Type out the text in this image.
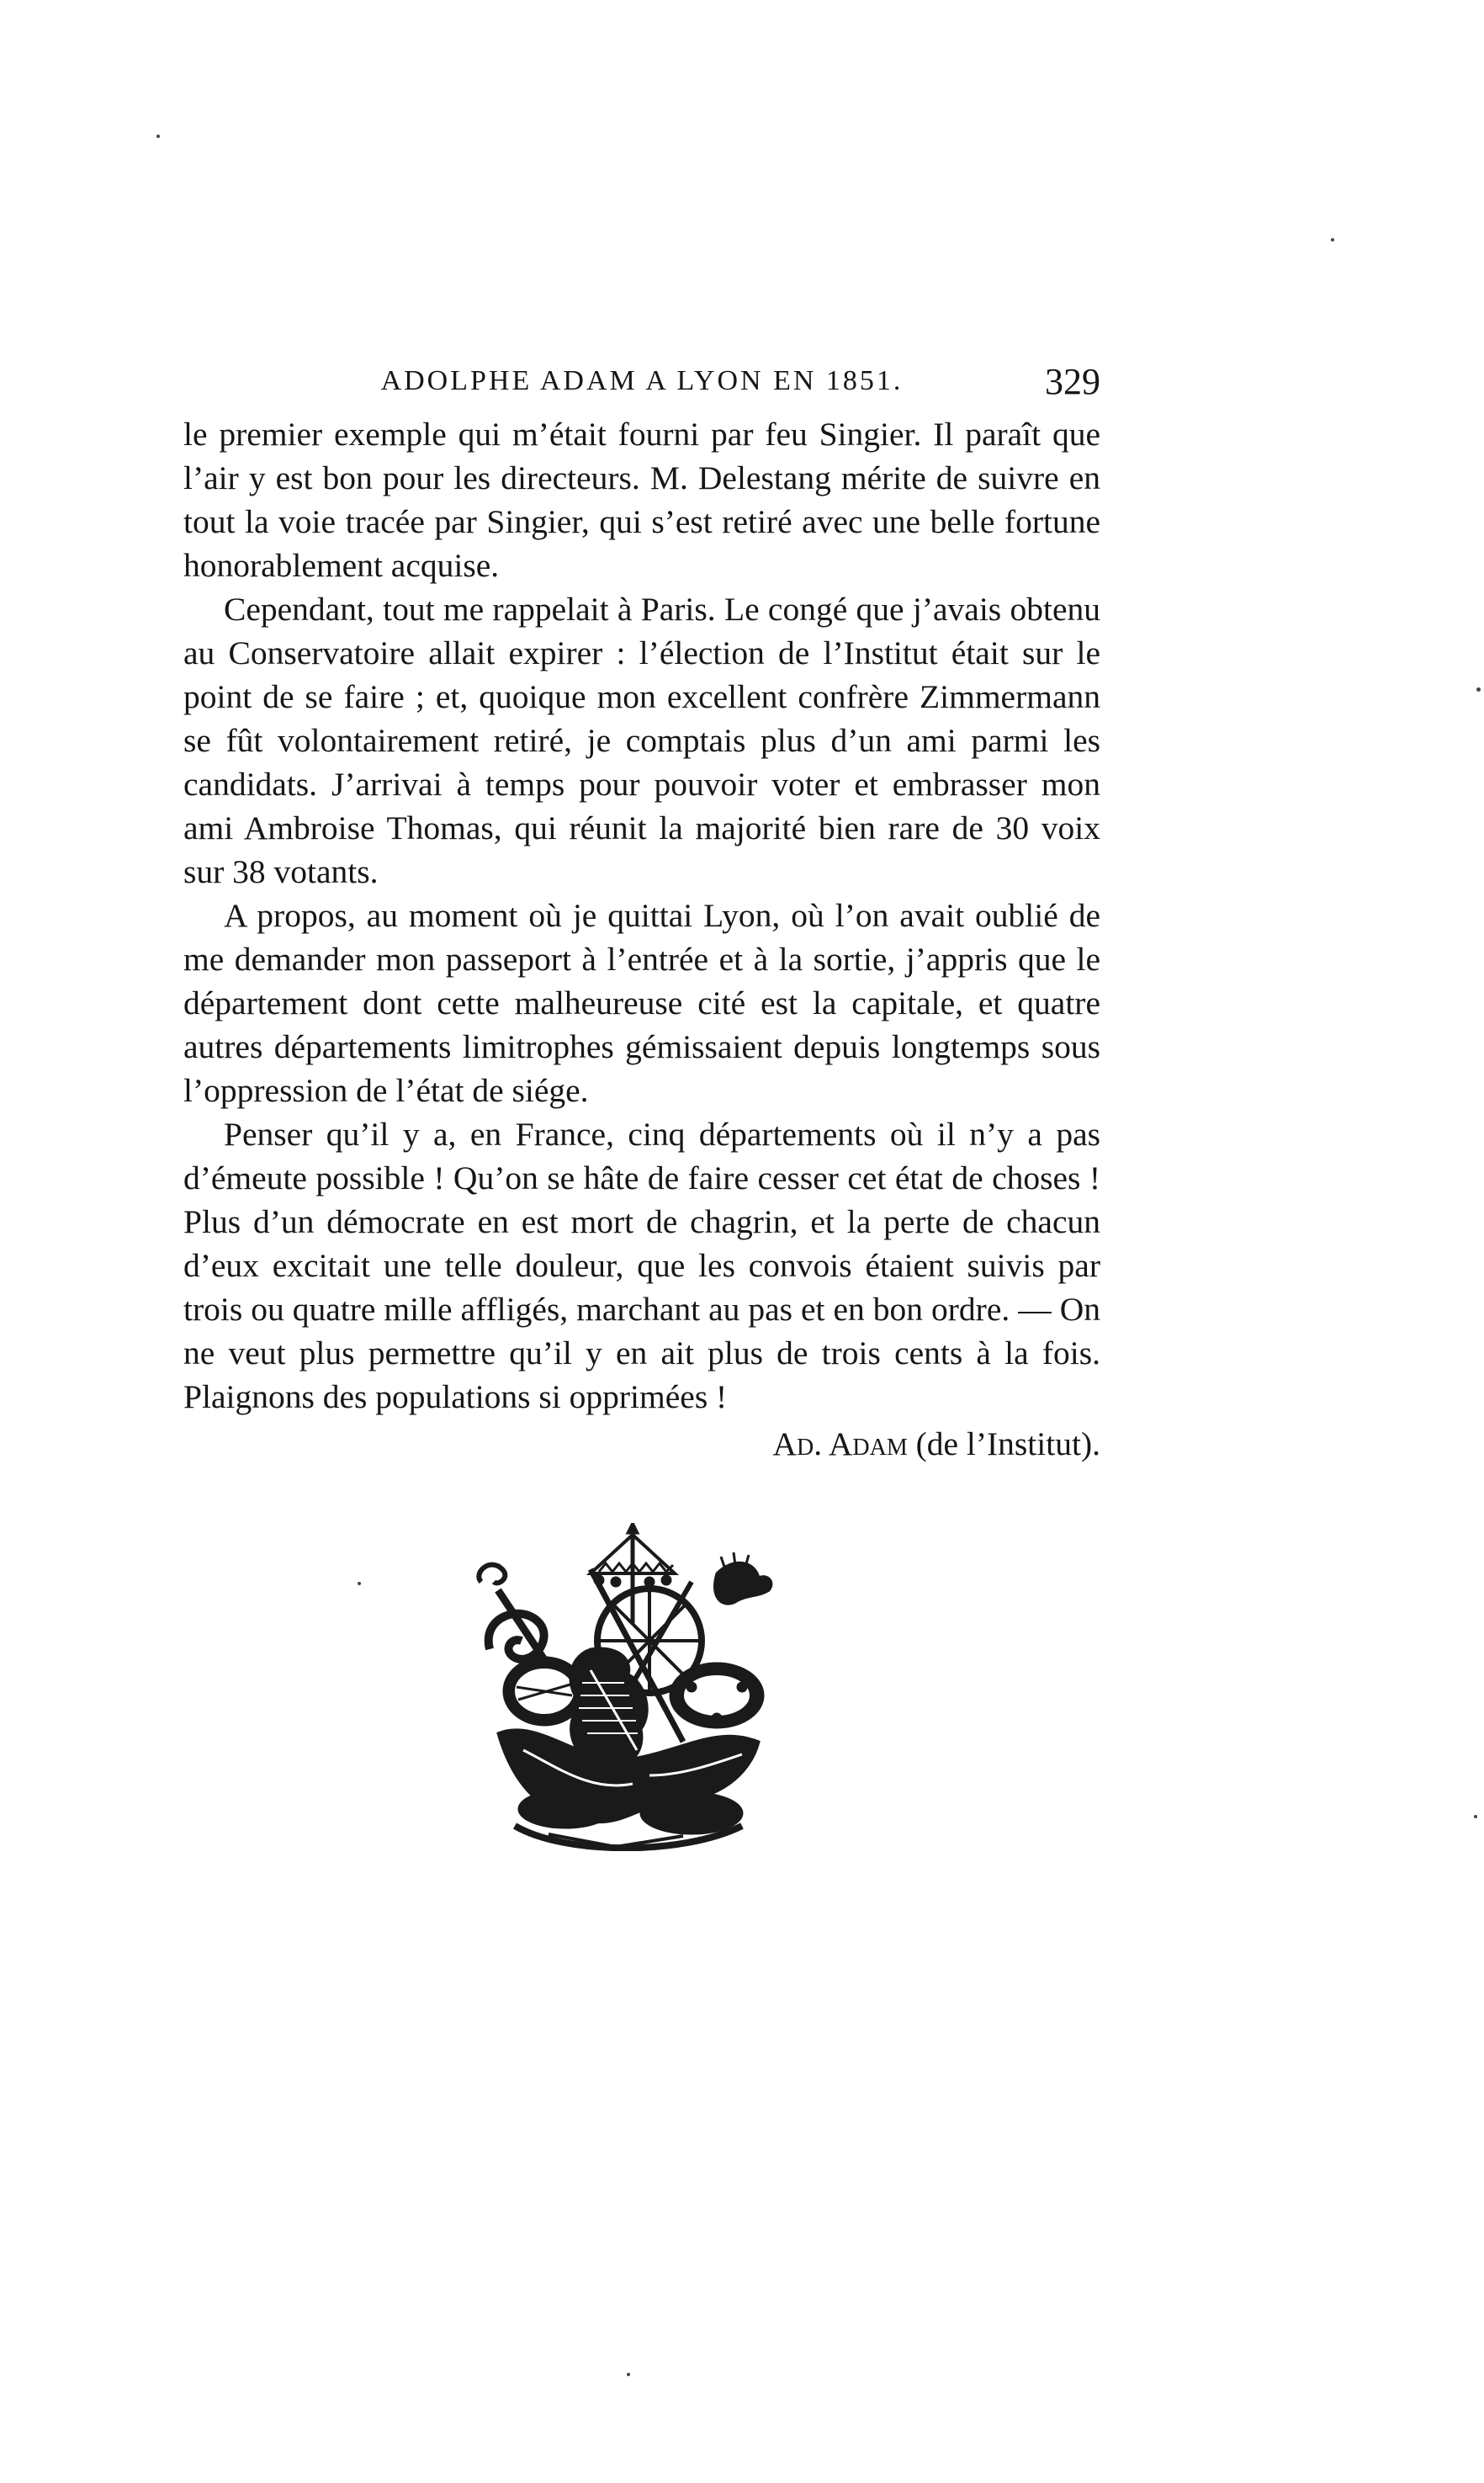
ADOLPHE ADAM A LYON EN 1851.	329

le premier exemple qui m’était fourni par feu Singier. Il paraît que l’air y est bon pour les directeurs. M. Delestang mérite de suivre en tout la voie tracée par Singier, qui s’est retiré avec une belle fortune honorablement acquise.

Cependant, tout me rappelait à Paris. Le congé que j’avais obtenu au Conservatoire allait expirer : l’élection de l’Institut était sur le point de se faire ; et, quoique mon excellent confrère Zimmermann se fût volontairement retiré, je comptais plus d’un ami parmi les candidats. J’arrivai à temps pour pouvoir voter et embrasser mon ami Ambroise Thomas, qui réunit la majorité bien rare de 30 voix sur 38 votants.

A propos, au moment où je quittai Lyon, où l’on avait oublié de me demander mon passeport à l’entrée et à la sortie, j’appris que le département dont cette malheureuse cité est la capitale, et quatre autres départements limitrophes gémissaient depuis longtemps sous l’oppression de l’état de siége.

Penser qu’il y a, en France, cinq départements où il n’y a pas d’émeute possible ! Qu’on se hâte de faire cesser cet état de choses ! Plus d’un démocrate en est mort de chagrin, et la perte de chacun d’eux excitait une telle douleur, que les convois étaient suivis par trois ou quatre mille affligés, marchant au pas et en bon ordre. — On ne veut plus permettre qu’il y en ait plus de trois cents à la fois. Plaignons des populations si opprimées !

Ad. Adam (de l’Institut).
